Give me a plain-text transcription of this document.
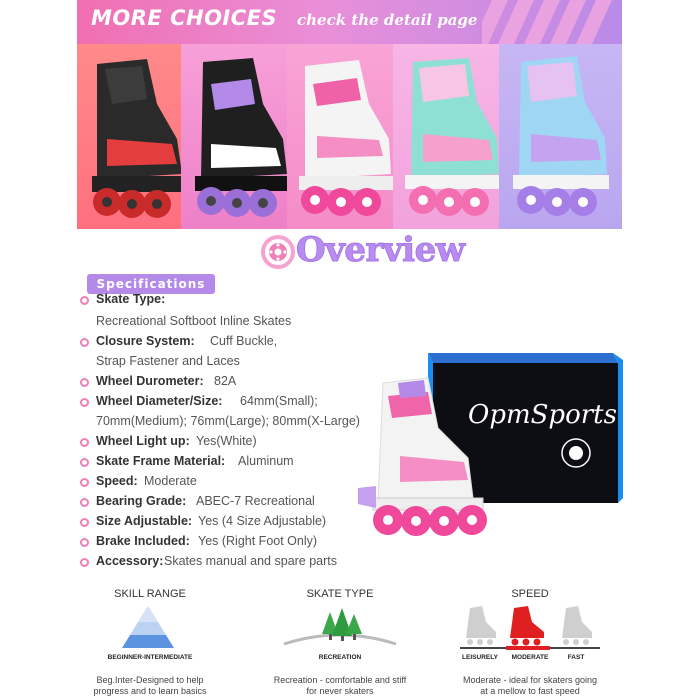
MORE CHOICES check the detail page
Overview
Specifications
Skate Type:
Recreational Softboot Inline Skates
Closure System: Cuff Buckle,
Strap Fastener and Laces
Wheel Durometer: 82A
Wheel Diameter/Size: 64mm(Small);
70mm(Medium); 76mm(Large); 80mm(X-Large)
Wheel Light up: Yes(White)
Skate Frame Material: Aluminum
Speed: Moderate
Bearing Grade: ABEC-7 Recreational
Size Adjustable: Yes (4 Size Adjustable)
Brake Included: Yes (Right Foot Only)
Accessory: Skates manual and spare parts
OpmSports
SKILL RANGE
BEGINNER-INTERMEDIATE
Beg.Inter-Designed to help progress and to learn basics
SKATE TYPE
RECREATION
Recreation - comfortable and stiff for never skaters
SPEED
LEISURELY	MODERATE	FAST
Moderate - ideal for skaters going at a mellow to fast speed
